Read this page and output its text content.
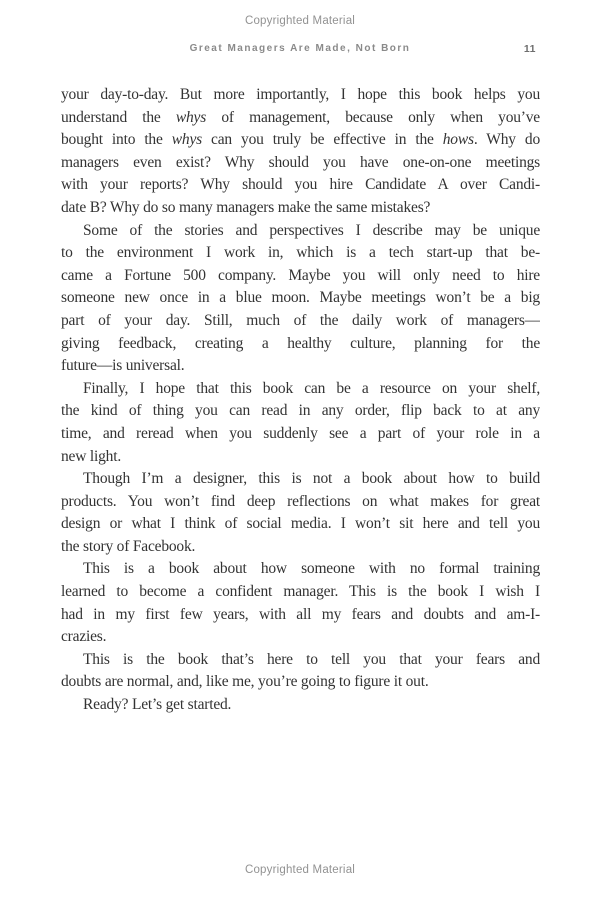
Copyrighted Material
Great Managers Are Made, Not Born	11
your day-to-day. But more importantly, I hope this book helps you
understand the whys of management, because only when you’ve
bought into the whys can you truly be effective in the hows. Why do
managers even exist? Why should you have one-on-one meetings
with your reports? Why should you hire Candidate A over Candi-
date B? Why do so many managers make the same mistakes?
Some of the stories and perspectives I describe may be unique
to the environment I work in, which is a tech start-up that be-
came a Fortune 500 company. Maybe you will only need to hire
someone new once in a blue moon. Maybe meetings won’t be a big
part of your day. Still, much of the daily work of managers—
giving feedback, creating a healthy culture, planning for the
future—is universal.
Finally, I hope that this book can be a resource on your shelf,
the kind of thing you can read in any order, flip back to at any
time, and reread when you suddenly see a part of your role in a
new light.
Though I’m a designer, this is not a book about how to build
products. You won’t find deep reflections on what makes for great
design or what I think of social media. I won’t sit here and tell you
the story of Facebook.
This is a book about how someone with no formal training
learned to become a confident manager. This is the book I wish I
had in my first few years, with all my fears and doubts and am-I-
crazies.
This is the book that’s here to tell you that your fears and
doubts are normal, and, like me, you’re going to figure it out.
Ready? Let’s get started.
Copyrighted Material
